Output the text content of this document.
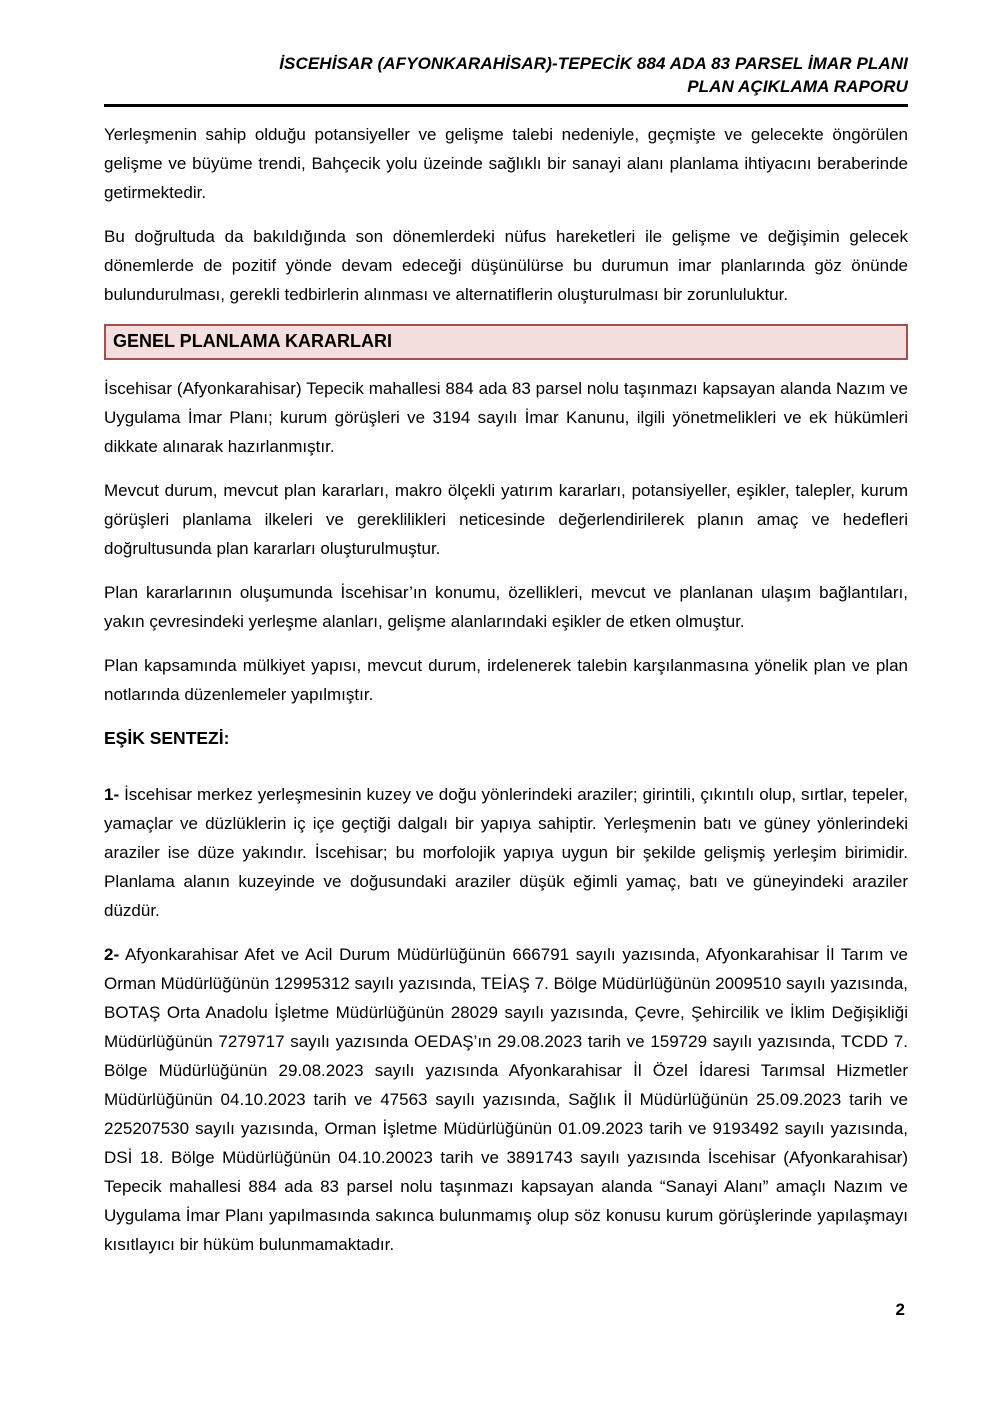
İSCEHİSAR (AFYONKARAHİSAR)-TEPECİK 884 ADA 83 PARSEL İMAR PLANI
PLAN AÇIKLAMA RAPORU

Yerleşmenin sahip olduğu potansiyeller ve gelişme talebi nedeniyle, geçmişte ve gelecekte öngörülen gelişme ve büyüme trendi, Bahçecik yolu üzeinde sağlıklı bir sanayi alanı planlama ihtiyacını beraberinde getirmektedir.

Bu doğrultuda da bakıldığında son dönemlerdeki nüfus hareketleri ile gelişme ve değişimin gelecek dönemlerde de pozitif yönde devam edeceği düşünülürse bu durumun imar planlarında göz önünde bulundurulması, gerekli tedbirlerin alınması ve alternatiflerin oluşturulması bir zorunluluktur.

GENEL PLANLAMA KARARLARI

İscehisar (Afyonkarahisar) Tepecik mahallesi 884 ada 83 parsel nolu taşınmazı kapsayan alanda Nazım ve Uygulama İmar Planı; kurum görüşleri ve 3194 sayılı İmar Kanunu, ilgili yönetmelikleri ve ek hükümleri dikkate alınarak hazırlanmıştır.

Mevcut durum, mevcut plan kararları, makro ölçekli yatırım kararları, potansiyeller, eşikler, talepler, kurum görüşleri planlama ilkeleri ve gereklilikleri neticesinde değerlendirilerek planın amaç ve hedefleri doğrultusunda plan kararları oluşturulmuştur.

Plan kararlarının oluşumunda İscehisar’ın konumu, özellikleri, mevcut ve planlanan ulaşım bağlantıları, yakın çevresindeki yerleşme alanları, gelişme alanlarındaki eşikler de etken olmuştur.

Plan kapsamında mülkiyet yapısı, mevcut durum, irdelenerek talebin karşılanmasına yönelik plan ve plan notlarında düzenlemeler yapılmıştır.

EŞİK SENTEZİ:

1- İscehisar merkez yerleşmesinin kuzey ve doğu yönlerindeki araziler; girintili, çıkıntılı olup, sırtlar, tepeler, yamaçlar ve düzlüklerin iç içe geçtiği dalgalı bir yapıya sahiptir. Yerleşmenin batı ve güney yönlerindeki araziler ise düze yakındır. İscehisar; bu morfolojik yapıya uygun bir şekilde gelişmiş yerleşim birimidir. Planlama alanın kuzeyinde ve doğusundaki araziler düşük eğimli yamaç, batı ve güneyindeki araziler düzdür.

2- Afyonkarahisar Afet ve Acil Durum Müdürlüğünün 666791 sayılı yazısında, Afyonkarahisar İl Tarım ve Orman Müdürlüğünün 12995312 sayılı yazısında, TEİAŞ 7. Bölge Müdürlüğünün 2009510 sayılı yazısında, BOTAŞ Orta Anadolu İşletme Müdürlüğünün 28029 sayılı yazısında, Çevre, Şehircilik ve İklim Değişikliği Müdürlüğünün 7279717 sayılı yazısında OEDAŞ’ın 29.08.2023 tarih ve 159729 sayılı yazısında, TCDD 7. Bölge Müdürlüğünün 29.08.2023 sayılı yazısında Afyonkarahisar İl Özel İdaresi Tarımsal Hizmetler Müdürlüğünün 04.10.2023 tarih ve 47563 sayılı yazısında, Sağlık İl Müdürlüğünün 25.09.2023 tarih ve 225207530 sayılı yazısında, Orman İşletme Müdürlüğünün 01.09.2023 tarih ve 9193492 sayılı yazısında, DSİ 18. Bölge Müdürlüğünün 04.10.20023 tarih ve 3891743 sayılı yazısında İscehisar (Afyonkarahisar) Tepecik mahallesi 884 ada 83 parsel nolu taşınmazı kapsayan alanda “Sanayi Alanı” amaçlı Nazım ve Uygulama İmar Planı yapılmasında sakınca bulunmamış olup söz konusu kurum görüşlerinde yapılaşmayı kısıtlayıcı bir hüküm bulunmamaktadır.

2
